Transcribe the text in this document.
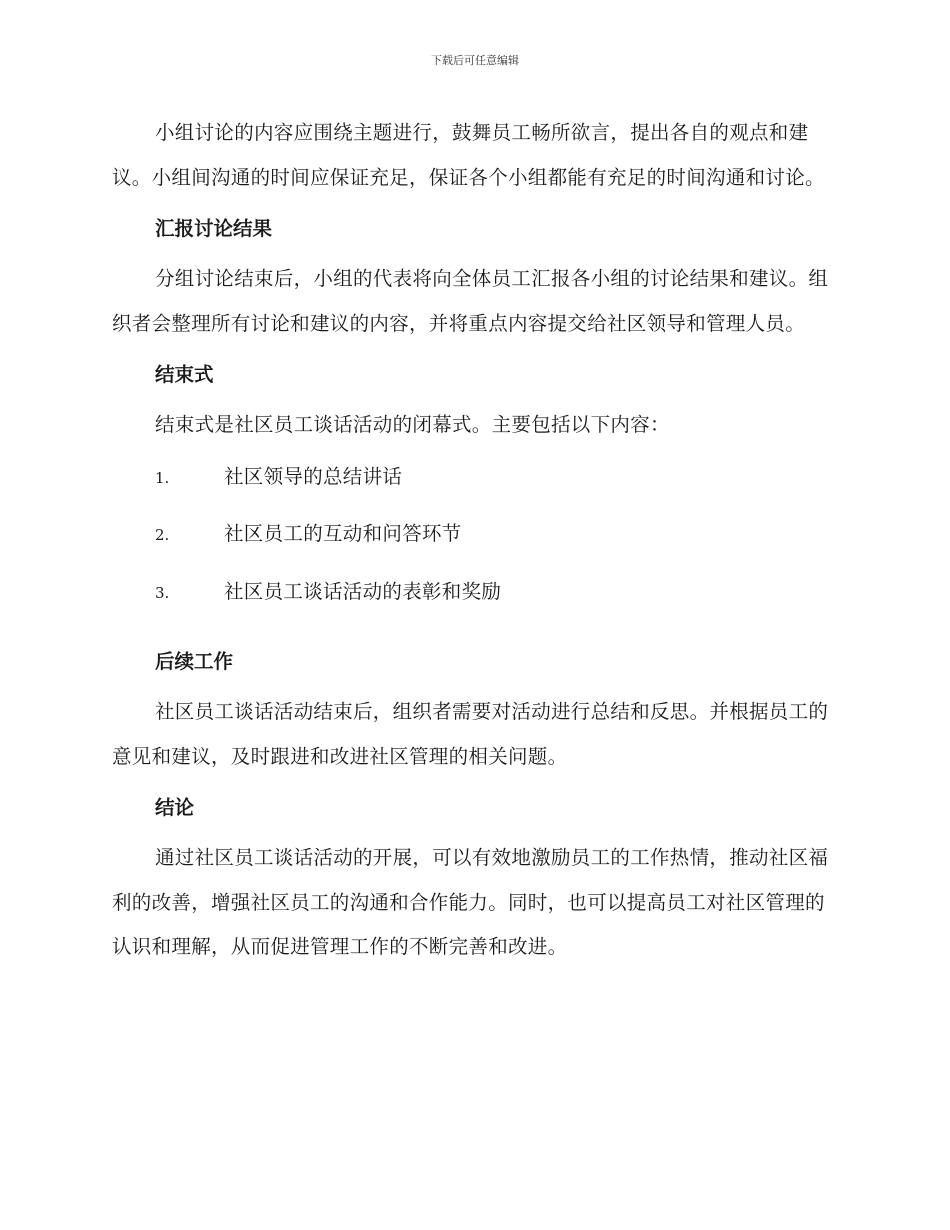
下载后可任意编辑

小组讨论的内容应围绕主题进行，鼓舞员工畅所欲言，提出各自的观点和建议。小组间沟通的时间应保证充足，保证各个小组都能有充足的时间沟通和讨论。

汇报讨论结果

分组讨论结束后，小组的代表将向全体员工汇报各小组的讨论结果和建议。组织者会整理所有讨论和建议的内容，并将重点内容提交给社区领导和管理人员。

结束式

结束式是社区员工谈话活动的闭幕式。主要包括以下内容：

1.	社区领导的总结讲话
2.	社区员工的互动和问答环节
3.	社区员工谈话活动的表彰和奖励
后续工作

社区员工谈话活动结束后，组织者需要对活动进行总结和反思。并根据员工的意见和建议，及时跟进和改进社区管理的相关问题。

结论

通过社区员工谈话活动的开展，可以有效地激励员工的工作热情，推动社区福利的改善，增强社区员工的沟通和合作能力。同时，也可以提高员工对社区管理的认识和理解，从而促进管理工作的不断完善和改进。
